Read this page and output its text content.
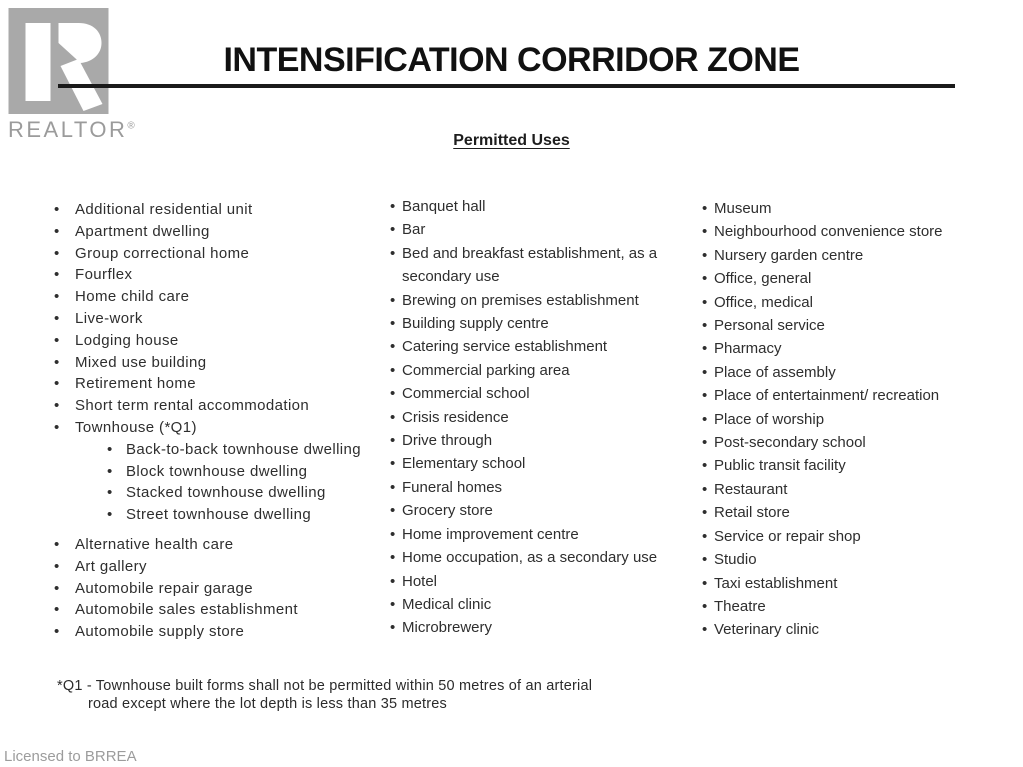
REALTOR®
INTENSIFICATION CORRIDOR ZONE
Permitted Uses
•	Additional residential unit
•	Apartment dwelling
•	Group correctional home
•	Fourflex
•	Home child care
•	Live-work
•	Lodging house
•	Mixed use building
•	Retirement home
•	Short term rental accommodation
•	Townhouse (*Q1)
• Back-to-back townhouse dwelling
• Block townhouse dwelling
• Stacked townhouse dwelling
• Street townhouse dwelling
•	Alternative health care
•	Art gallery
•	Automobile repair garage
•	Automobile sales establishment
•	Automobile supply store
• Banquet hall
• Bar
• Bed and breakfast establishment, as a secondary use
• Brewing on premises establishment
• Building supply centre
• Catering service establishment
• Commercial parking area
• Commercial school
• Crisis residence
• Drive through
• Elementary school
• Funeral homes
• Grocery store
• Home improvement centre
• Home occupation, as a secondary use
• Hotel
• Medical clinic
• Microbrewery
• Museum
• Neighbourhood convenience store
• Nursery garden centre
• Office, general
• Office, medical
• Personal service
• Pharmacy
• Place of assembly
• Place of entertainment/ recreation
• Place of worship
• Post-secondary school
• Public transit facility
• Restaurant
• Retail store
• Service or repair shop
• Studio
• Taxi establishment
• Theatre
• Veterinary clinic
*Q1 - Townhouse built forms shall not be permitted within 50 metres of an arterial
road except where the lot depth is less than 35 metres
Licensed to BRREA
